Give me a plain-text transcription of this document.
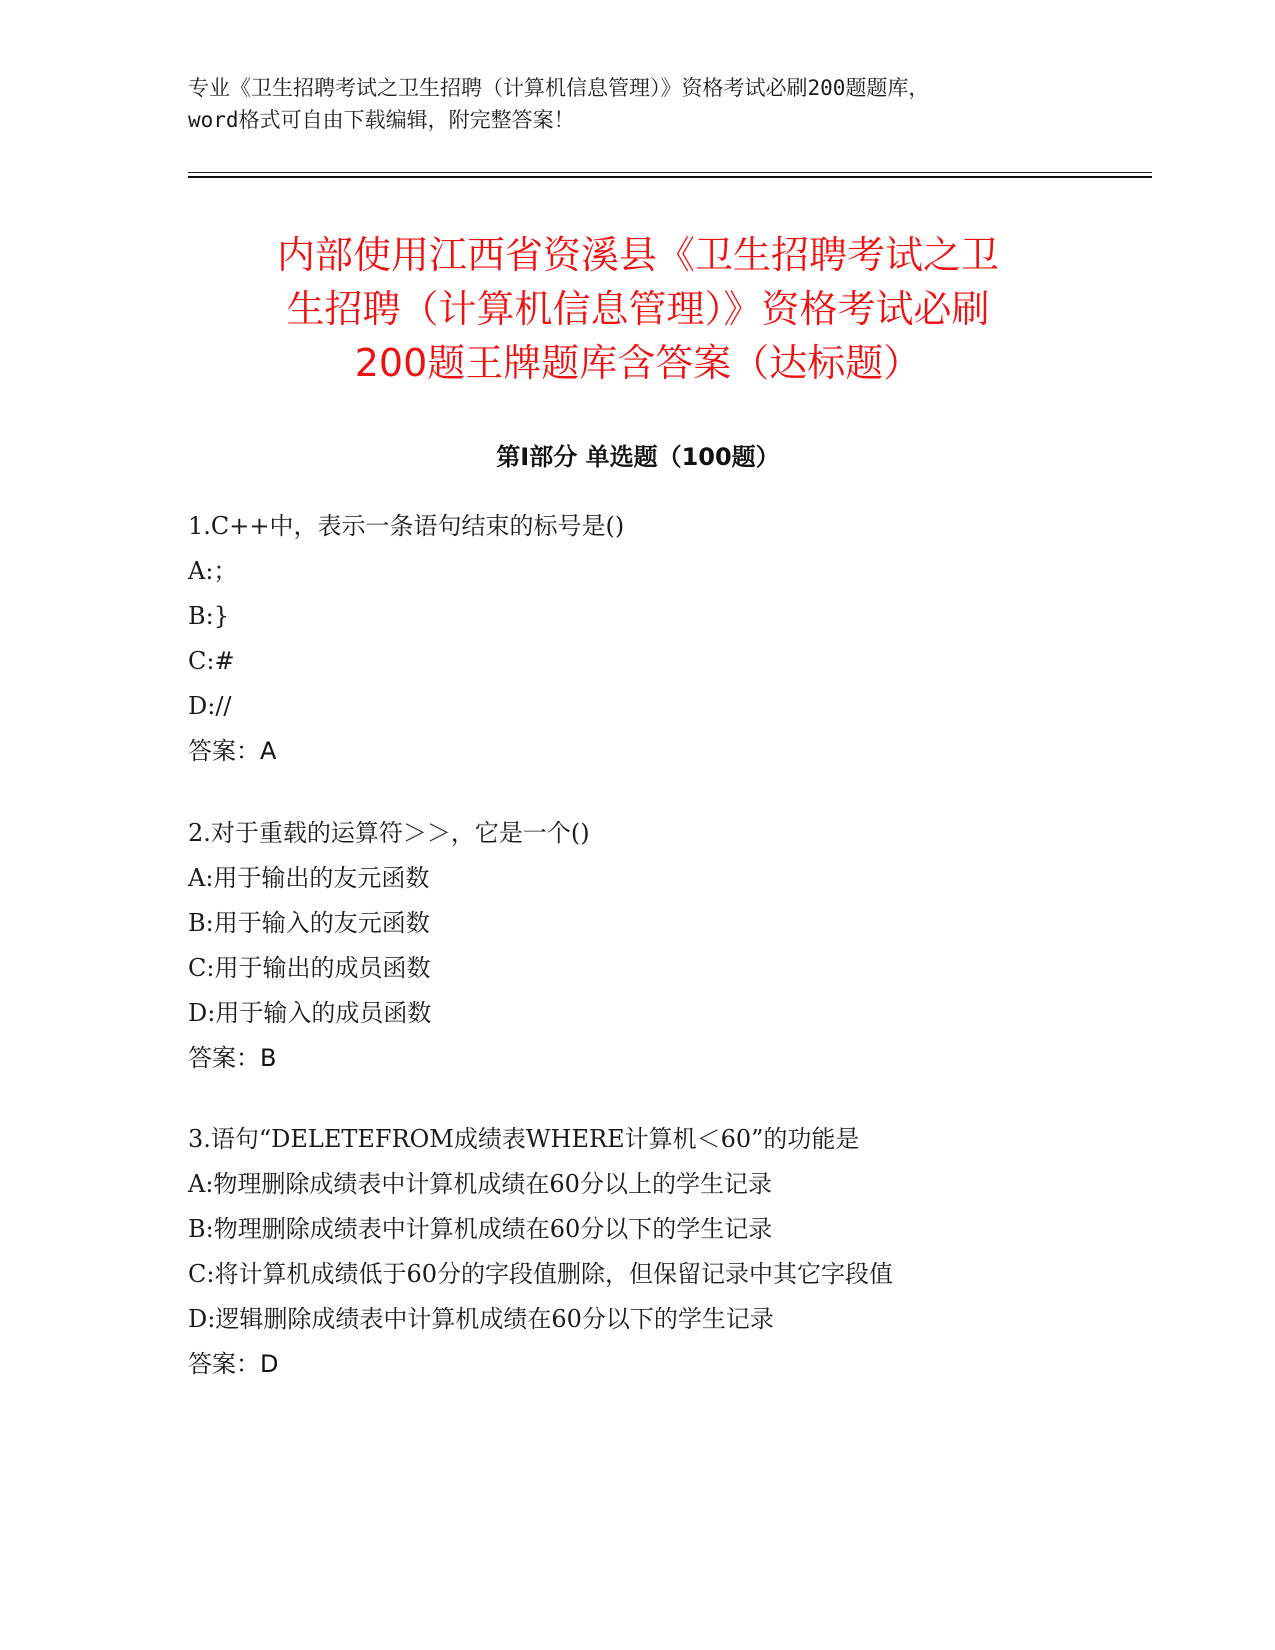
专业《卫生招聘考试之卫生招聘（计算机信息管理）》资格考试必刷200题题库，
word格式可自由下载编辑，附完整答案！
内部使用江西省资溪县《卫生招聘考试之卫
生招聘（计算机信息管理）》资格考试必刷
200题王牌题库含答案（达标题）
第Ⅰ部分 单选题（100题）
1.C++中，表示一条语句结束的标号是()
A:；
B:}
C:#
D://
答案：A
2.对于重载的运算符＞＞，它是一个()
A:用于输出的友元函数
B:用于输入的友元函数
C:用于输出的成员函数
D:用于输入的成员函数
答案：B
3.语句“DELETEFROM成绩表WHERE计算机＜60”的功能是
A:物理删除成绩表中计算机成绩在60分以上的学生记录
B:物理删除成绩表中计算机成绩在60分以下的学生记录
C:将计算机成绩低于60分的字段值删除，但保留记录中其它字段值
D:逻辑删除成绩表中计算机成绩在60分以下的学生记录
答案：D
